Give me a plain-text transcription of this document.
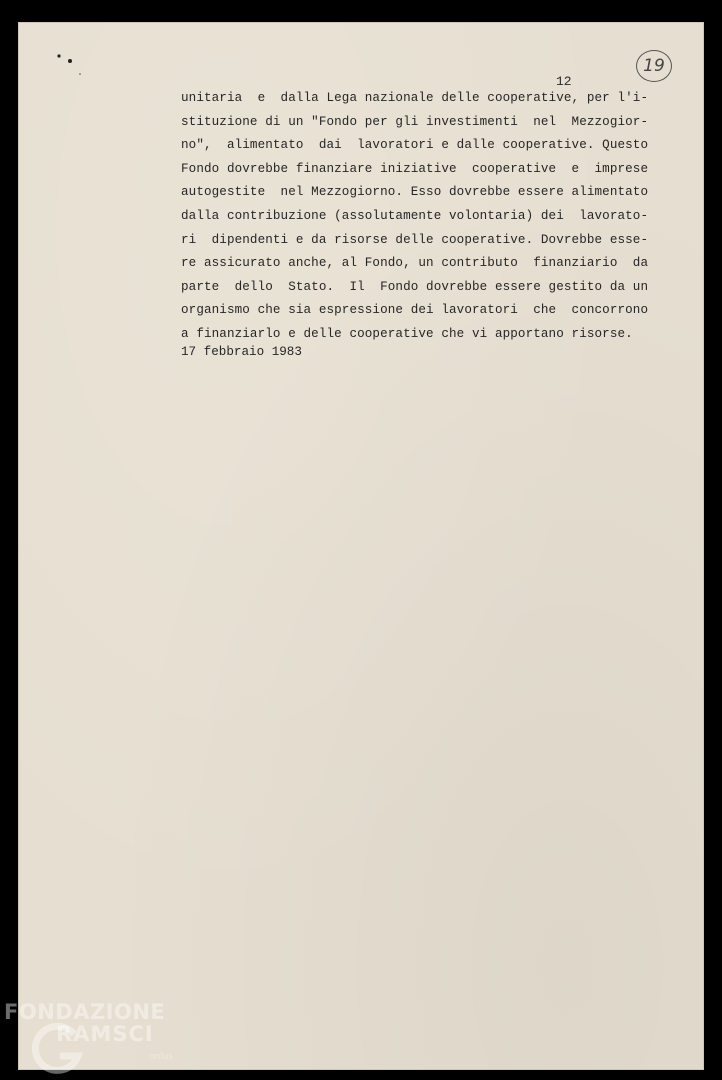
19
12
unitaria  e  dalla Lega nazionale delle cooperative, per l'i-
stituzione di un "Fondo per gli investimenti  nel  Mezzogior-
no",  alimentato  dai  lavoratori e dalle cooperative. Questo
Fondo dovrebbe finanziare iniziative  cooperative  e  imprese
autogestite  nel Mezzogiorno. Esso dovrebbe essere alimentato
dalla contribuzione (assolutamente volontaria) dei  lavorato-
ri  dipendenti e da risorse delle cooperative. Dovrebbe esse-
re assicurato anche, al Fondo, un contributo  finanziario  da
parte  dello  Stato.  Il  Fondo dovrebbe essere gestito da un
organismo che sia espressione dei lavoratori  che  concorrono
a finanziarlo e delle cooperative che vi apportano risorse.
17 febbraio 1983
FONDAZIONE
RAMSCI
onlus
